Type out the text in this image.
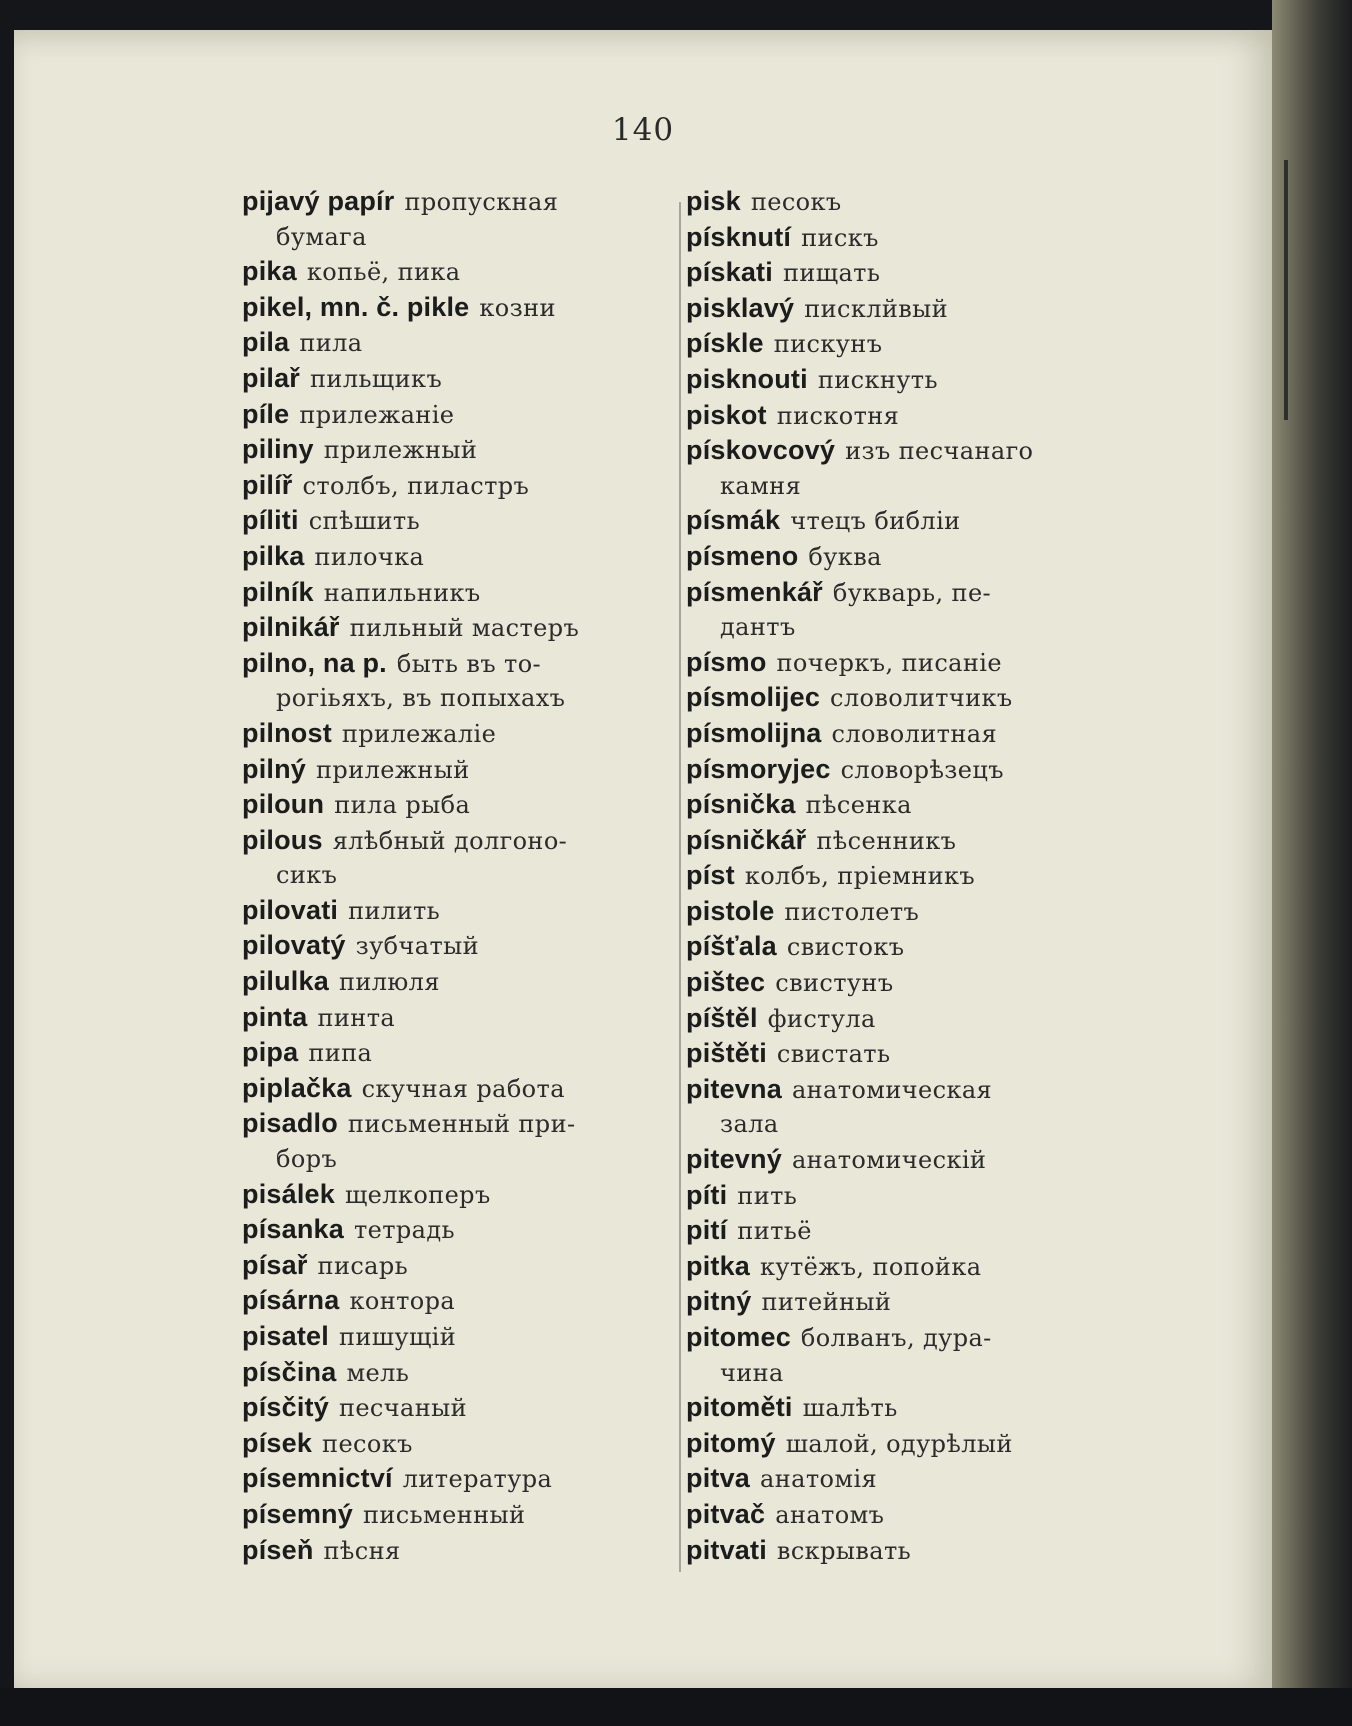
140
pijavý papír пропускная
бумага
pika копьё, пика
pikel, mn. č. pikle козни
pila пила
pilař пильщикъ
píle прилежаніе
piliny прилежный
pilíř столбъ, пиластръ
píliti спѣшить
pilka пилочка
pilník напильникъ
pilnikář пильный мастеръ
pilno, na p. быть въ то-
рогіьяхъ, въ попыхахъ
pilnost прилежаліе
pilný прилежный
piloun пила рыба
pilous ялѣбный долгоно-
сикъ
pilovati пилить
pilovatý зубчатый
pilulka пилюля
pinta пинта
pipa пипа
piplačka скучная работа
pisadlo письменный при-
боръ
pisálek щелкоперъ
písanka тетрадь
písař писарь
písárna контора
pisatel пишущій
písčina мель
písčitý песчаный
písek песокъ
písemnictví литература
písemný письменный
píseň пѣсня
pisk песокъ
písknutí пискъ
pískati пищать
pisklavý писклйвый
pískle пискунъ
pisknouti пискнуть
piskot пискотня
pískovcový изъ песчанаго
камня
písmák чтецъ библіи
písmeno буква
písmenkář букварь, пе-
дантъ
písmo почеркъ, писаніе
písmolijec словолитчикъ
písmolijna словолитная
písmoryjec словорѣзецъ
písnička пѣсенка
písničkář пѣсенникъ
píst колбъ, пріемникъ
pistole пистолетъ
píšťala свистокъ
pištec свистунъ
píštěl фистула
pištěti свистать
pitevna анатомическая
зала
pitevný анатомическій
píti пить
pití питьё
pitka кутёжъ, попойка
pitný питейный
pitomec болванъ, дура-
чина
pitoměti шалѣть
pitomý шалой, одурѣлый
pitva анатомія
pitvač анатомъ
pitvati вскрывать
